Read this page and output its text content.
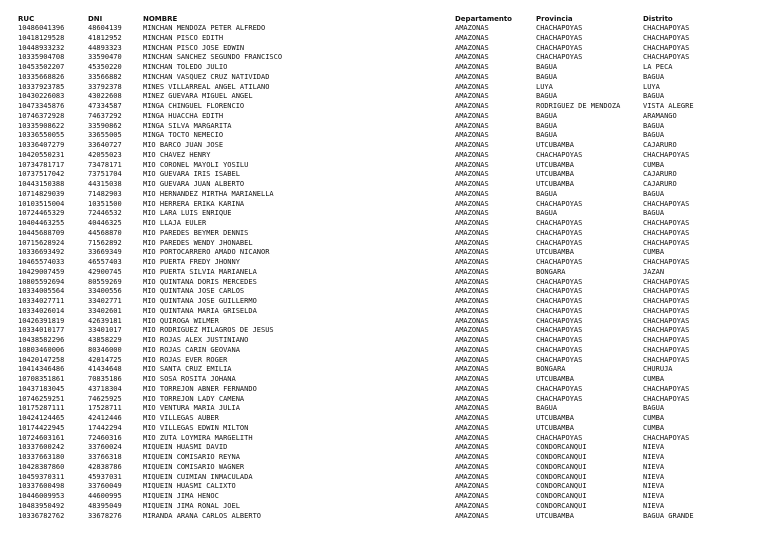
RUC	DNI	NOMBRE	Departamento	Provincia	Distrito
10486041396	48604139	MINCHAN MENDOZA PETER ALFREDO	AMAZONAS	CHACHAPOYAS	CHACHAPOYAS
10418129528	41812952	MINCHAN PISCO EDITH	AMAZONAS	CHACHAPOYAS	CHACHAPOYAS
10448933232	44893323	MINCHAN PISCO JOSE EDWIN	AMAZONAS	CHACHAPOYAS	CHACHAPOYAS
10335904708	33590470	MINCHAN SANCHEZ SEGUNDO FRANCISCO	AMAZONAS	CHACHAPOYAS	CHACHAPOYAS
10453502207	45350220	MINCHAN TOLEDO JULIO	AMAZONAS	BAGUA	LA PECA
10335668826	33566882	MINCHAN VASQUEZ CRUZ NATIVIDAD	AMAZONAS	BAGUA	BAGUA
10337923785	33792378	MINES VILLARREAL ANGEL ATILANO	AMAZONAS	LUYA	LUYA
10430226083	43022608	MINEZ GUEVARA MIGUEL ANGEL	AMAZONAS	BAGUA	BAGUA
10473345876	47334587	MINGA CHINGUEL FLORENCIO	AMAZONAS	RODRIGUEZ DE MENDOZA	VISTA ALEGRE
10746372928	74637292	MINGA HUACCHA EDITH	AMAZONAS	BAGUA	ARAMANGO
10335908622	33590862	MINGA SILVA MARGARITA	AMAZONAS	BAGUA	BAGUA
10336550055	33655005	MINGA TOCTO NEMECIO	AMAZONAS	BAGUA	BAGUA
10336407279	33640727	MIO BARCO JUAN JOSE	AMAZONAS	UTCUBAMBA	CAJARURO
10420550231	42055023	MIO CHAVEZ HENRY	AMAZONAS	CHACHAPOYAS	CHACHAPOYAS
10734781717	73478171	MIO CORONEL MAYOLI YOSILU	AMAZONAS	UTCUBAMBA	CUMBA
10737517042	73751704	MIO GUEVARA IRIS ISABEL	AMAZONAS	UTCUBAMBA	CAJARURO
10443150388	44315038	MIO GUEVARA JUAN ALBERTO	AMAZONAS	UTCUBAMBA	CAJARURO
10714829039	71482903	MIO HERNANDEZ MIRTHA MARIANELLA	AMAZONAS	BAGUA	BAGUA
10103515004	10351500	MIO HERRERA ERIKA KARINA	AMAZONAS	CHACHAPOYAS	CHACHAPOYAS
10724465329	72446532	MIO LARA LUIS ENRIQUE	AMAZONAS	BAGUA	BAGUA
10404463255	40446325	MIO LLAJA EULER	AMAZONAS	CHACHAPOYAS	CHACHAPOYAS
10445688709	44568870	MIO PAREDES BEYMER DENNIS	AMAZONAS	CHACHAPOYAS	CHACHAPOYAS
10715628924	71562892	MIO PAREDES WENDY JHONABEL	AMAZONAS	CHACHAPOYAS	CHACHAPOYAS
10336693492	33669349	MIO PORTOCARRERO AMADO NICANOR	AMAZONAS	UTCUBAMBA	CUMBA
10465574033	46557403	MIO PUERTA FREDY JHONNY	AMAZONAS	CHACHAPOYAS	CHACHAPOYAS
10429007459	42900745	MIO PUERTA SILVIA MARIANELA	AMAZONAS	BONGARA	JAZAN
10805592694	80559269	MIO QUINTANA DORIS MERCEDES	AMAZONAS	CHACHAPOYAS	CHACHAPOYAS
10334005564	33400556	MIO QUINTANA JOSE CARLOS	AMAZONAS	CHACHAPOYAS	CHACHAPOYAS
10334027711	33402771	MIO QUINTANA JOSE GUILLERMO	AMAZONAS	CHACHAPOYAS	CHACHAPOYAS
10334026014	33402601	MIO QUINTANA MARIA GRISELDA	AMAZONAS	CHACHAPOYAS	CHACHAPOYAS
10426391819	42639181	MIO QUIROGA WILMER	AMAZONAS	CHACHAPOYAS	CHACHAPOYAS
10334010177	33401017	MIO RODRIGUEZ MILAGROS DE JESUS	AMAZONAS	CHACHAPOYAS	CHACHAPOYAS
10438582296	43858229	MIO ROJAS ALEX JUSTINIANO	AMAZONAS	CHACHAPOYAS	CHACHAPOYAS
10803460006	80346000	MIO ROJAS CARIN GEOVANA	AMAZONAS	CHACHAPOYAS	CHACHAPOYAS
10420147258	42014725	MIO ROJAS EVER ROGER	AMAZONAS	CHACHAPOYAS	CHACHAPOYAS
10414346486	41434648	MIO SANTA CRUZ EMILIA	AMAZONAS	BONGARA	CHURUJA
10708351861	70835186	MIO SOSA ROSITA JOHANA	AMAZONAS	UTCUBAMBA	CUMBA
10437183045	43718304	MIO TORREJON ABNER FERNANDO	AMAZONAS	CHACHAPOYAS	CHACHAPOYAS
10746259251	74625925	MIO TORREJON LADY CAMEÑA	AMAZONAS	CHACHAPOYAS	CHACHAPOYAS
10175287111	17528711	MIO VENTURA MARIA JULIA	AMAZONAS	BAGUA	BAGUA
10424124465	42412446	MIO VILLEGAS AUBER	AMAZONAS	UTCUBAMBA	CUMBA
10174422945	17442294	MIO VILLEGAS EDWIN MILTON	AMAZONAS	UTCUBAMBA	CUMBA
10724603161	72460316	MIO ZUTA LOYMIRA MARGELITH	AMAZONAS	CHACHAPOYAS	CHACHAPOYAS
10337600242	33760024	MIQUEIN HUASMI DAVID	AMAZONAS	CONDORCANQUI	NIEVA
10337663180	33766318	MIQUEIN COMISARIO REYNA	AMAZONAS	CONDORCANQUI	NIEVA
10428387860	42838786	MIQUEIN COMISARIO WAGNER	AMAZONAS	CONDORCANQUI	NIEVA
10459370311	45937031	MIQUEIN CUIMIAN INMACULADA	AMAZONAS	CONDORCANQUI	NIEVA
10337600498	33760049	MIQUEIN HUASMI CALIXTO	AMAZONAS	CONDORCANQUI	NIEVA
10446009953	44600995	MIQUEIN JIMA HENOC	AMAZONAS	CONDORCANQUI	NIEVA
10483950492	48395049	MIQUEIN JIMA RONAL JOEL	AMAZONAS	CONDORCANQUI	NIEVA
10336782762	33678276	MIRANDA ARANA CARLOS ALBERTO	AMAZONAS	UTCUBAMBA	BAGUA GRANDE
